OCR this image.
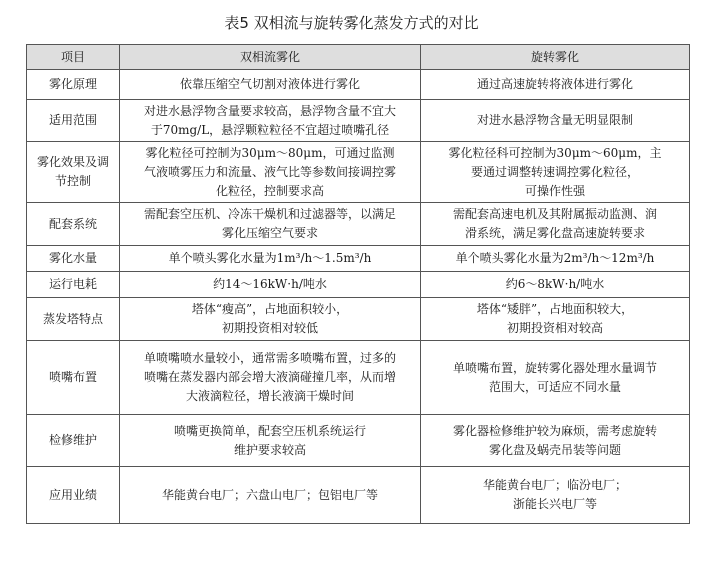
表5 双相流与旋转雾化蒸发方式的对比
项目	双相流雾化	旋转雾化

雾化原理	依靠压缩空气切割对液体进行雾化	通过高速旋转将液体进行雾化

适用范围	对进水悬浮物含量要求较高，悬浮物含量不宜大
于70mg/L，悬浮颗粒粒径不宜超过喷嘴孔径	对进水悬浮物含量无明显限制

雾化效果及调
节控制	雾化粒径可控制为30μm～80μm，可通过监测
气液喷雾压力和流量、液气比等参数间接调控雾
化粒径，控制要求高	雾化粒径科可控制为30μm～60μm，主
要通过调整转速调控雾化粒径，
可操作性强

配套系统	需配套空压机、冷冻干燥机和过滤器等，以满足
雾化压缩空气要求	需配套高速电机及其附属振动监测、润
滑系统，满足雾化盘高速旋转要求

雾化水量	单个喷头雾化水量为1m³/h～1.5m³/h	单个喷头雾化水量为2m³/h～12m³/h

运行电耗	约14～16kW·h/吨水	约6～8kW·h/吨水

蒸发塔特点	塔体“瘦高”，占地面积较小，
初期投资相对较低	塔体“矮胖”，占地面积较大，
初期投资相对较高

喷嘴布置	单喷嘴喷水量较小，通常需多喷嘴布置，过多的
喷嘴在蒸发器内部会增大液滴碰撞几率，从而增
大液滴粒径，增长液滴干燥时间	单喷嘴布置，旋转雾化器处理水量调节
范围大，可适应不同水量

检修维护	喷嘴更换简单，配套空压机系统运行
维护要求较高	雾化器检修维护较为麻烦，需考虑旋转
雾化盘及蜗壳吊装等问题

应用业绩	华能黄台电厂；六盘山电厂；包铝电厂等	华能黄台电厂；临汾电厂；
浙能长兴电厂等
